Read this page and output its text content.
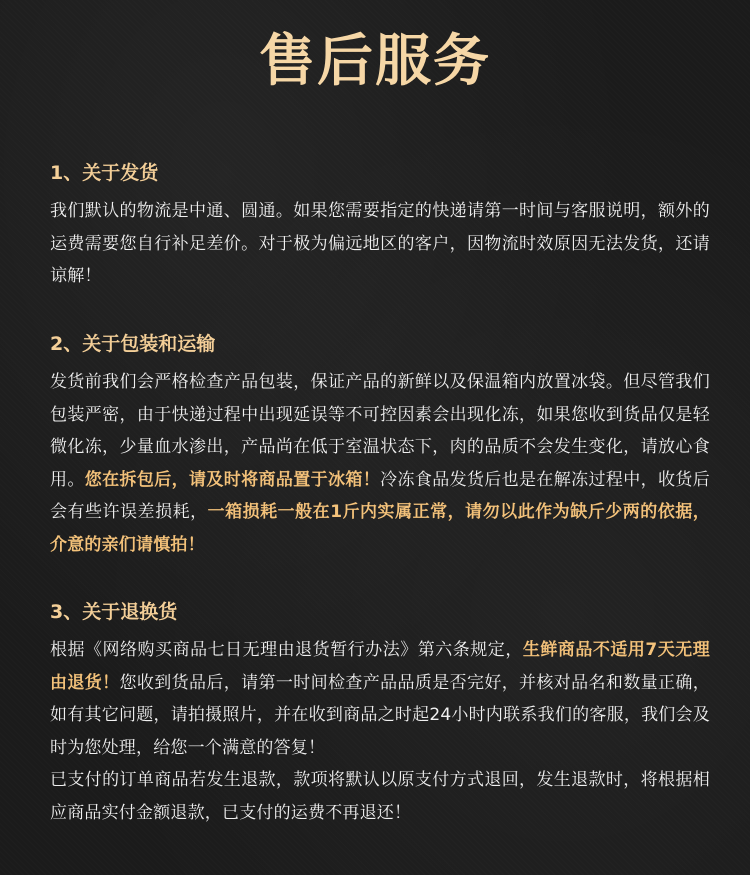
售后服务
1、关于发货
我们默认的物流是中通、圆通。如果您需要指定的快递请第一时间与客服说明，额外的运费需要您自行补足差价。对于极为偏远地区的客户，因物流时效原因无法发货，还请谅解！
2、关于包装和运输
发货前我们会严格检查产品包装，保证产品的新鲜以及保温箱内放置冰袋。但尽管我们包装严密，由于快递过程中出现延误等不可控因素会出现化冻，如果您收到货品仅是轻微化冻，少量血水渗出，产品尚在低于室温状态下，肉的品质不会发生变化，请放心食用。您在拆包后，请及时将商品置于冰箱！冷冻食品发货后也是在解冻过程中，收货后会有些许误差损耗，一箱损耗一般在1斤内实属正常，请勿以此作为缺斤少两的依据，介意的亲们请慎拍！
3、关于退换货
根据《网络购买商品七日无理由退货暂行办法》第六条规定，生鲜商品不适用7天无理由退货！您收到货品后，请第一时间检查产品品质是否完好，并核对品名和数量正确，如有其它问题，请拍摄照片，并在收到商品之时起24小时内联系我们的客服，我们会及时为您处理，给您一个满意的答复！
已支付的订单商品若发生退款，款项将默认以原支付方式退回，发生退款时，将根据相应商品实付金额退款，已支付的运费不再退还！
